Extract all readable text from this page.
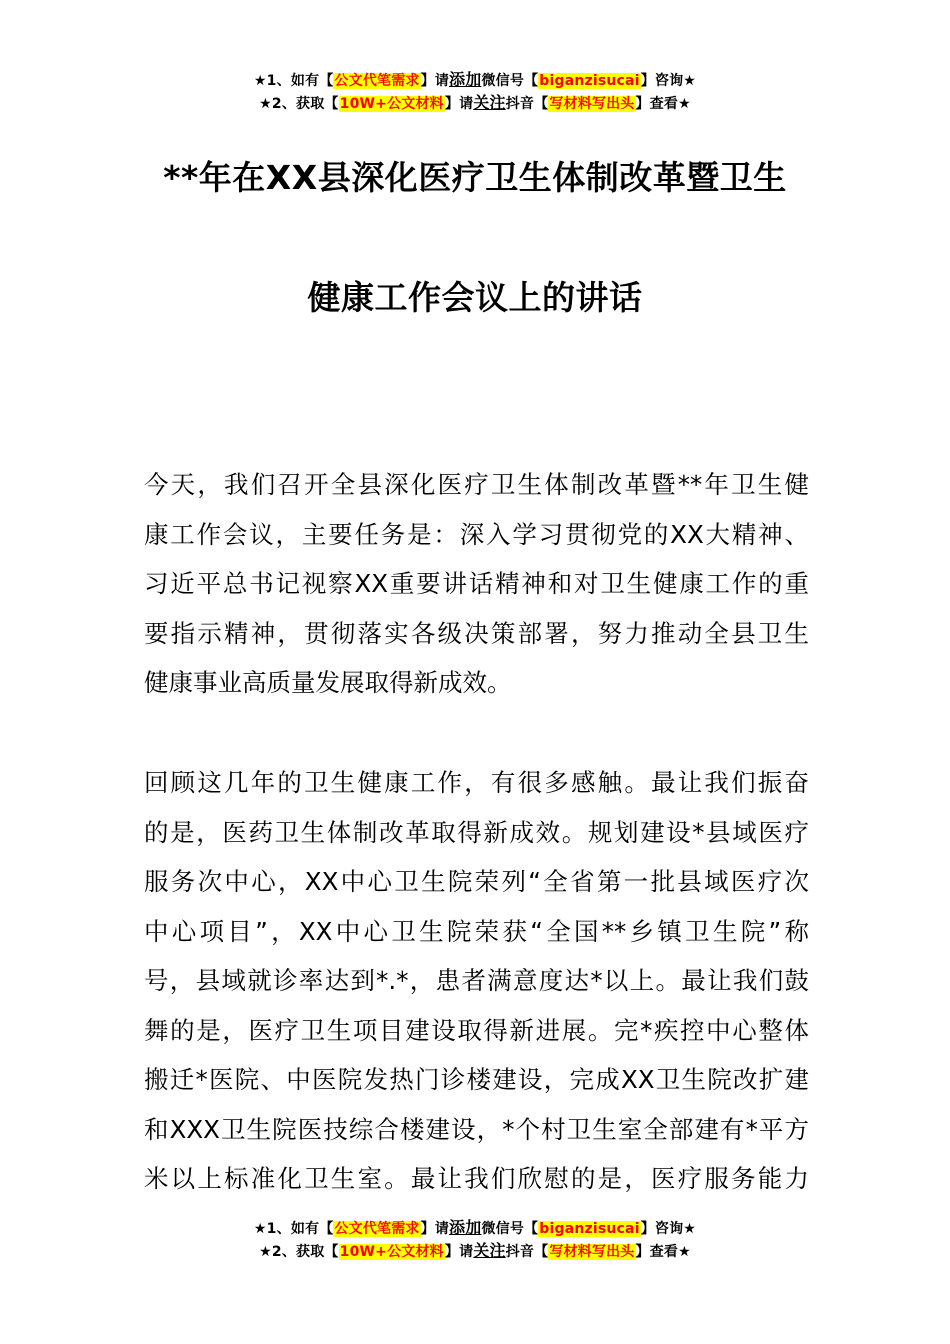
★1、如有【公文代笔需求】请添加微信号【biganzisucai】咨询★
★2、获取【10W+公文材料】请关注抖音【写材料写出头】查看★
**年在XX县深化医疗卫生体制改革暨卫生
健康工作会议上的讲话
今天，我们召开全县深化医疗卫生体制改革暨**年卫生健
康工作会议，主要任务是：深入学习贯彻党的XX大精神、
习近平总书记视察XX重要讲话精神和对卫生健康工作的重
要指示精神，贯彻落实各级决策部署，努力推动全县卫生
健康事业高质量发展取得新成效。
回顾这几年的卫生健康工作，有很多感触。最让我们振奋
的是，医药卫生体制改革取得新成效。规划建设*县域医疗
服务次中心，XX中心卫生院荣列“全省第一批县域医疗次
中心项目”，XX中心卫生院荣获“全国**乡镇卫生院”称
号，县域就诊率达到*.*，患者满意度达*以上。最让我们鼓
舞的是，医疗卫生项目建设取得新进展。完*疾控中心整体
搬迁*医院、中医院发热门诊楼建设，完成XX卫生院改扩建
和XXX卫生院医技综合楼建设，*个村卫生室全部建有*平方
米以上标准化卫生室。最让我们欣慰的是，医疗服务能力
★1、如有【公文代笔需求】请添加微信号【biganzisucai】咨询★
★2、获取【10W+公文材料】请关注抖音【写材料写出头】查看★
